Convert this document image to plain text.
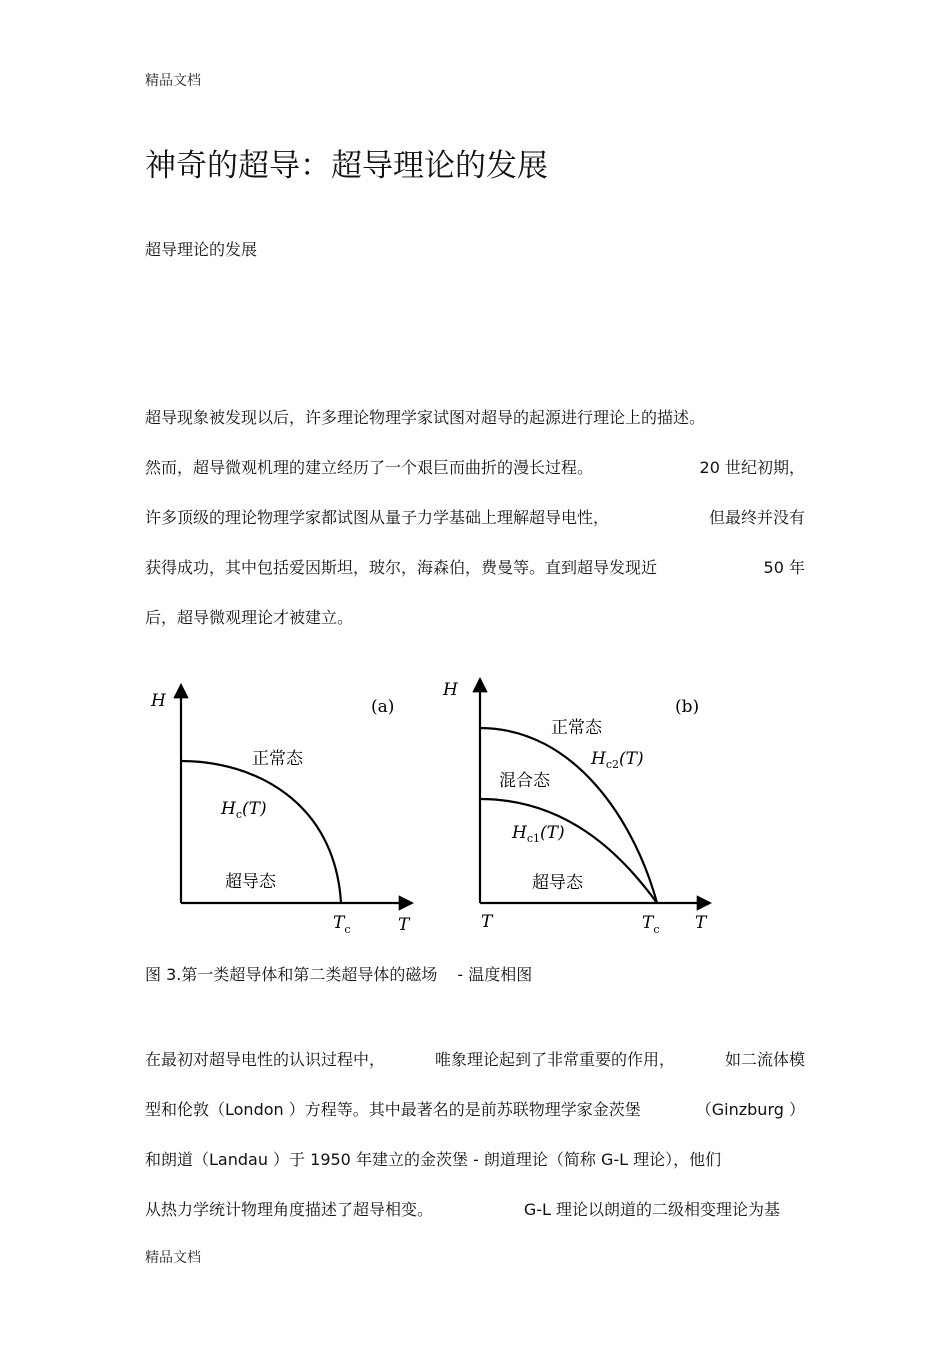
精品文档
神奇的超导：超导理论的发展
超导理论的发展
超导现象被发现以后，许多理论物理学家试图对超导的起源进行理论上的描述。
然而，超导微观机理的建立经历了一个艰巨而曲折的漫长过程。	20 世纪初期，
许多顶级的理论物理学家都试图从量子力学基础上理解超导电性，	但最终并没有
获得成功，其中包括爱因斯坦，玻尔，海森伯，费曼等。直到超导发现近	50 年
后，超导微观理论才被建立。
H	(a)
正常态
$H_c(T)$
超导态
$T_c$	T
H
(b)
正常态
$H_{c2}(T)$
混合态
$H_{c1}(T)$
超导态
T	$T_c$ T
图 3.第一类超导体和第二类超导体的磁场 - 温度相图
在最初对超导电性的认识过程中，	唯象理论起到了非常重要的作用，	如二流体模
型和伦敦（London ）方程等。其中最著名的是前苏联物理学家金茨堡	（Ginzburg ）
和朗道（Landau ）于 1950 年建立的金茨堡 - 朗道理论（简称 G-L 理论），他们
从热力学统计物理角度描述了超导相变。	G-L 理论以朗道的二级相变理论为基
精品文档
